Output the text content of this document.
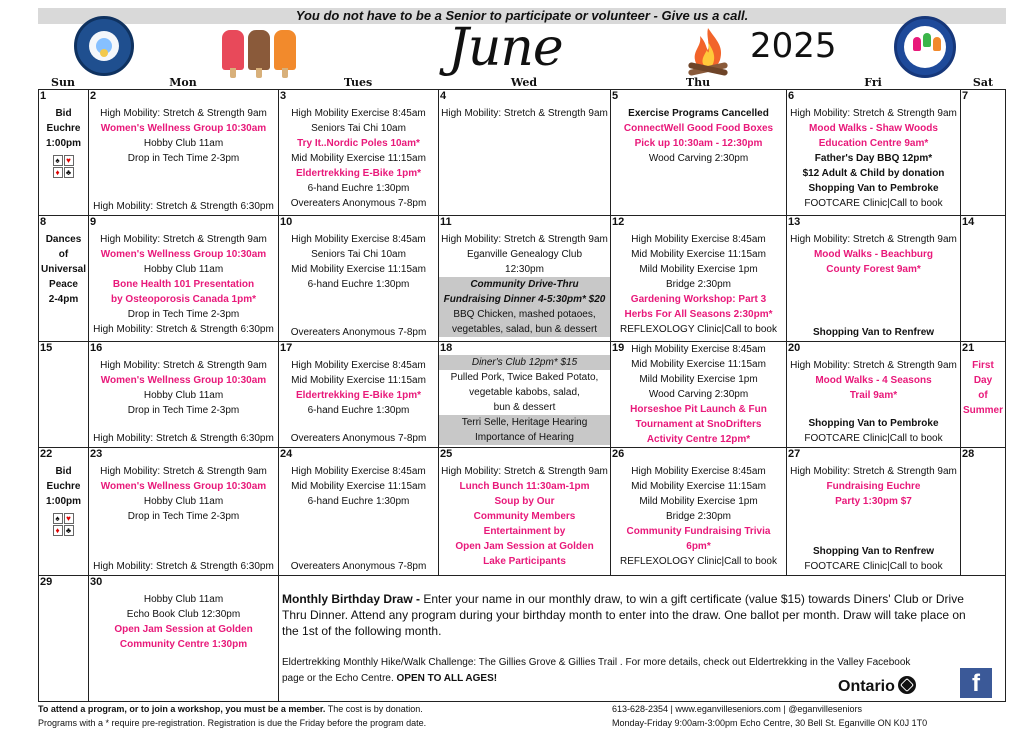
You do not have to be a Senior to participate or volunteer - Give us a call.
June	2025
Sun	Mon	Tues	Wed	Thu	Fri	Sat
1
Bid
Euchre
1:00pm
♠ ♥
♦ ♣
2
High Mobility: Stretch & Strength 9am
Women's Wellness Group 10:30am
Hobby Club 11am
Drop in Tech Time 2-3pm
High Mobility: Stretch & Strength 6:30pm
3
High Mobility Exercise 8:45am
Seniors Tai Chi 10am
Try It..Nordic Poles 10am*
Mid Mobility Exercise 11:15am
Eldertrekking E-Bike 1pm*
6-hand Euchre 1:30pm
Overeaters Anonymous 7-8pm
4
High Mobility: Stretch & Strength 9am
5
Exercise Programs Cancelled
ConnectWell Good Food Boxes
Pick up 10:30am - 12:30pm
Wood Carving 2:30pm
6
High Mobility: Stretch & Strength 9am
Mood Walks - Shaw Woods
Education Centre 9am*
Father's Day BBQ 12pm*
$12 Adult & Child by donation
Shopping Van to Pembroke
FOOTCARE Clinic|Call to book
7
8
Dances
of
Universal
Peace
2-4pm
9
High Mobility: Stretch & Strength 9am
Women's Wellness Group 10:30am
Hobby Club 11am
Bone Health 101 Presentation
by Osteoporosis Canada 1pm*
Drop in Tech Time 2-3pm
High Mobility: Stretch & Strength 6:30pm
10
High Mobility Exercise 8:45am
Seniors Tai Chi 10am
Mid Mobility Exercise 11:15am
6-hand Euchre 1:30pm
Overeaters Anonymous 7-8pm
11
High Mobility: Stretch & Strength 9am
Eganville Genealogy Club
12:30pm
Community Drive-Thru
Fundraising Dinner 4-5:30pm* $20
BBQ Chicken, mashed potaoes,
vegetables, salad, bun & dessert
12
High Mobility Exercise 8:45am
Mid Mobility Exercise 11:15am
Mild Mobility Exercise 1pm
Bridge 2:30pm
Gardening Workshop: Part 3
Herbs For All Seasons 2:30pm*
REFLEXOLOGY Clinic|Call to book
13
High Mobility: Stretch & Strength 9am
Mood Walks - Beachburg
County Forest 9am*
Shopping Van to Renfrew
14
15	16
High Mobility: Stretch & Strength 9am
Women's Wellness Group 10:30am
Hobby Club 11am
Drop in Tech Time 2-3pm
High Mobility: Stretch & Strength 6:30pm
17
High Mobility Exercise 8:45am
Mid Mobility Exercise 11:15am
Eldertrekking E-Bike 1pm*
6-hand Euchre 1:30pm
Overeaters Anonymous 7-8pm
18
Diner's Club 12pm* $15
Pulled Pork, Twice Baked Potato,
vegetable kabobs, salad,
bun & dessert
Terri Selle, Heritage Hearing
Importance of Hearing
19 High Mobility Exercise 8:45am
Mid Mobility Exercise 11:15am
Mild Mobility Exercise 1pm
Wood Carving 2:30pm
Horseshoe Pit Launch & Fun
Tournament at SnoDrifters
Activity Centre 12pm*
20
High Mobility: Stretch & Strength 9am
Mood Walks - 4 Seasons
Trail 9am*
Shopping Van to Pembroke
FOOTCARE Clinic|Call to book
21
First
Day
of
Summer
22
Bid
Euchre
1:00pm
♠ ♥
♦ ♣
23
High Mobility: Stretch & Strength 9am
Women's Wellness Group 10:30am
Hobby Club 11am
Drop in Tech Time 2-3pm
High Mobility: Stretch & Strength 6:30pm
24
High Mobility Exercise 8:45am
Mid Mobility Exercise 11:15am
6-hand Euchre 1:30pm
Overeaters Anonymous 7-8pm
25
High Mobility: Stretch & Strength 9am
Lunch Bunch 11:30am-1pm
Soup by Our
Community Members
Entertainment by
Open Jam Session at Golden
Lake Participants
26
High Mobility Exercise 8:45am
Mid Mobility Exercise 11:15am
Mild Mobility Exercise 1pm
Bridge 2:30pm
Community Fundraising Trivia
6pm*
REFLEXOLOGY Clinic|Call to book
27
High Mobility: Stretch & Strength 9am
Fundraising Euchre
Party 1:30pm $7
Shopping Van to Renfrew
FOOTCARE Clinic|Call to book
28
29	30
Hobby Club 11am
Echo Book Club 12:30pm
Open Jam Session at Golden
Community Centre 1:30pm
Monthly Birthday Draw - Enter your name in our monthly draw, to win a gift certificate (value $15) towards Diners' Club or Drive Thru Dinner. Attend any program during your birthday month to enter into the draw. One ballot per month. Draw will take place on the 1st of the following month.
Eldertrekking Monthly Hike/Walk Challenge: The Gillies Grove & Gillies Trail . For more details, check out Eldertrekking in the Valley Facebook page or the Echo Centre. OPEN TO ALL AGES!	Ontario	f
To attend a program, or to join a workshop, you must be a member. The cost is by donation.
Programs with a * require pre-registration. Registration is due the Friday before the program date.
613-628-2354 | www.eganvilleseniors.com | @eganvilleseniors
Monday-Friday 9:00am-3:00pm Echo Centre, 30 Bell St. Eganville ON K0J 1T0
